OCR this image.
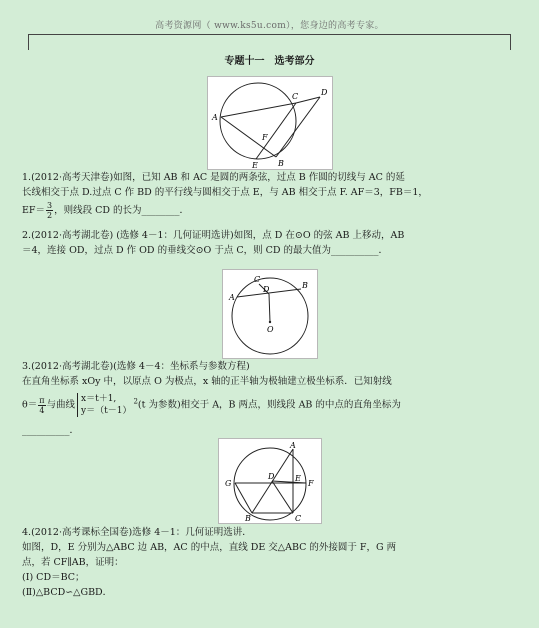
高考资源网（ www.ks5u.com），您身边的高考专家。
专题十一　选考部分
A
C	D
B
F
E
1.(2012·高考天津卷)如图，已知 AB 和 AC 是圆的两条弦，过点 B 作圆的切线与 AC 的延
长线相交于点 D.过点 C 作 BD 的平行线与圆相交于点 E，与 AB 相交于点 F. AF＝3，FB＝1，
$EF= \frac{3}{2}$ ，则线段 CD 的长为________．
2.(2012·高考湖北卷) (选修 4－1：几何证明选讲)如图，点 D 在⊙O 的弦 AB 上移动，AB
＝4，连接 OD，过点 D 作 OD 的垂线交⊙O 于点 C，则 CD 的最大值为__________．
A
C
D	B
O
3.(2012·高考湖北卷)(选修 4－4：坐标系与参数方程)
在直角坐标系 xOy 中，以原点 O 为极点，x 轴的正半轴为极轴建立极坐标系．已知射线
$\theta= \frac{\pi}{4}$ 与曲线
x＝t＋1,
y＝（t－1）
$^2$(t 为参数)相交于 A，B 两点，则线段 AB 的中点的直角坐标为
__________．
A
G	F
D	E
B	C
4.(2012·高考课标全国卷)选修 4－1：几何证明选讲．
如图，D，E 分别为△ABC 边 AB，AC 的中点，直线 DE 交△ABC 的外接圆于 F，G 两
点，若 CF∥AB，证明：
(Ⅰ) CD＝BC；
(Ⅱ)△BCD∽△GBD．
